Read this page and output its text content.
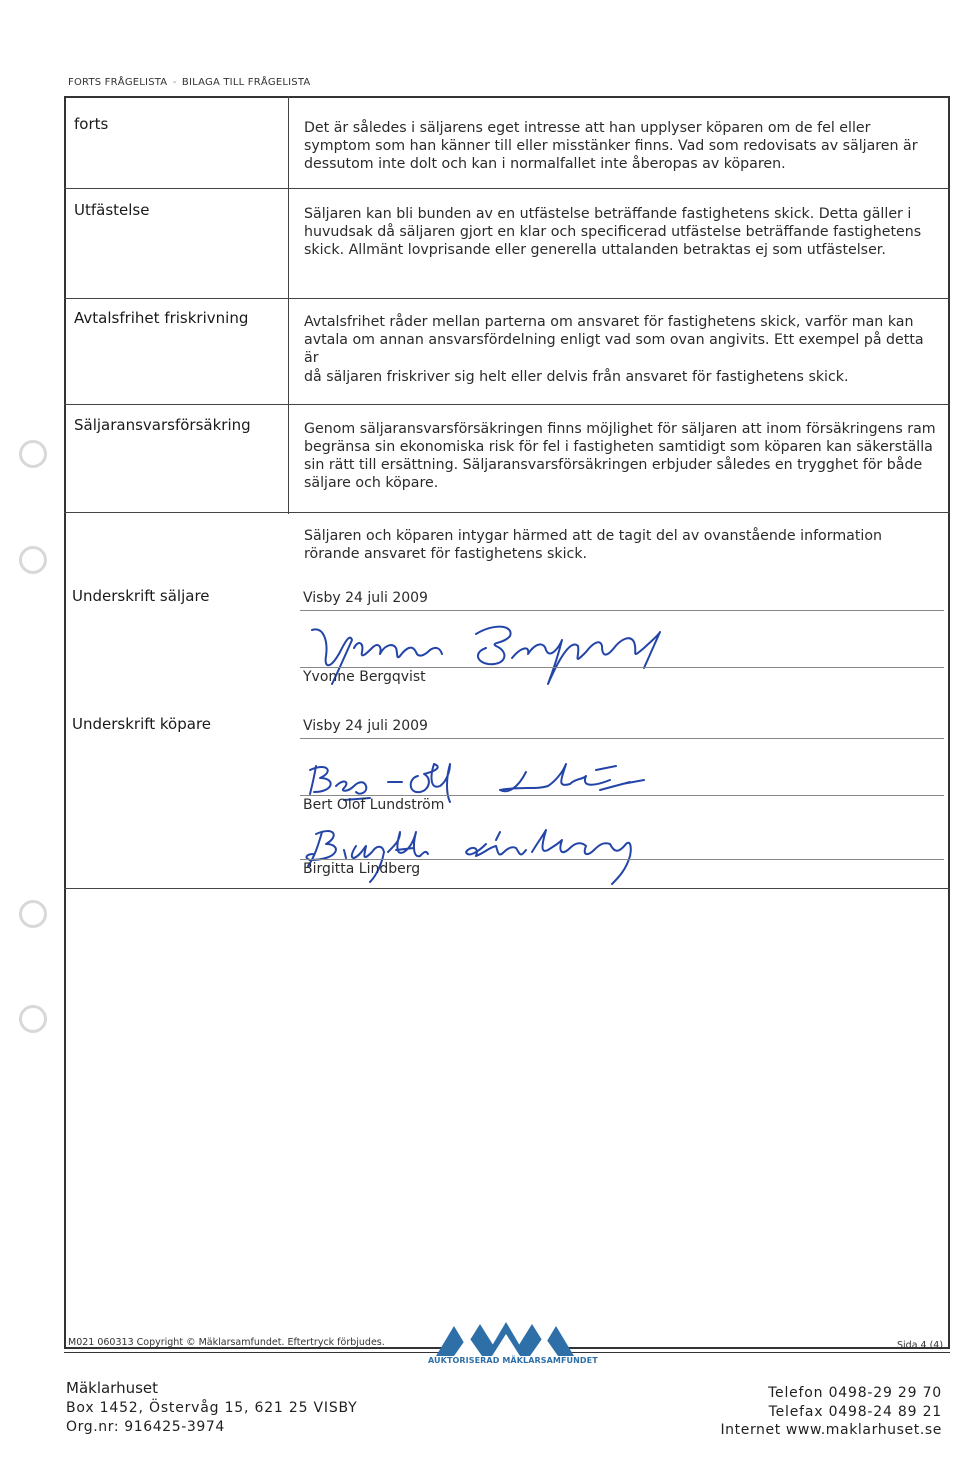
FORTS FRÅGELISTA - BILAGA TILL FRÅGELISTA
forts	Det är således i säljarens eget intresse att han upplyser köparen om de fel eller symptom som han känner till eller misstänker finns. Vad som redovisats av säljaren är dessutom inte dolt och kan i normalfallet inte åberopas av köparen.
Utfästelse	Säljaren kan bli bunden av en utfästelse beträffande fastighetens skick. Detta gäller i huvudsak då säljaren gjort en klar och specificerad utfästelse beträffande fastighetens skick. Allmänt lovprisande eller generella uttalanden betraktas ej som utfästelser.
Avtalsfrihet friskrivning	Avtalsfrihet råder mellan parterna om ansvaret för fastighetens skick, varför man kan avtala om annan ansvarsfördelning enligt vad som ovan angivits. Ett exempel på detta är
då säljaren friskriver sig helt eller delvis från ansvaret för fastighetens skick.
Säljaransvarsförsäkring	Genom säljaransvarsförsäkringen finns möjlighet för säljaren att inom försäkringens ram begränsa sin ekonomiska risk för fel i fastigheten samtidigt som köparen kan säkerställa sin rätt till ersättning. Säljaransvarsförsäkringen erbjuder således en trygghet för både säljare och köpare.
Säljaren och köparen intygar härmed att de tagit del av ovanstående information rörande ansvaret för fastighetens skick.
Underskrift säljare	Visby 24 juli 2009
Yvonne Bergqvist
Underskrift köpare	Visby 24 juli 2009
Bert Olof Lundström
Birgitta Lindberg
M021 060313 Copyright © Mäklarsamfundet. Eftertryck förbjudes.	Sida 4 (4)
AUKTORISERAD MÄKLARSAMFUNDET
Mäklarhuset
Box 1452, Östervåg 15, 621 25 VISBY
Org.nr: 916425-3974
Telefon 0498-29 29 70
Telefax 0498-24 89 21
Internet www.maklarhuset.se
